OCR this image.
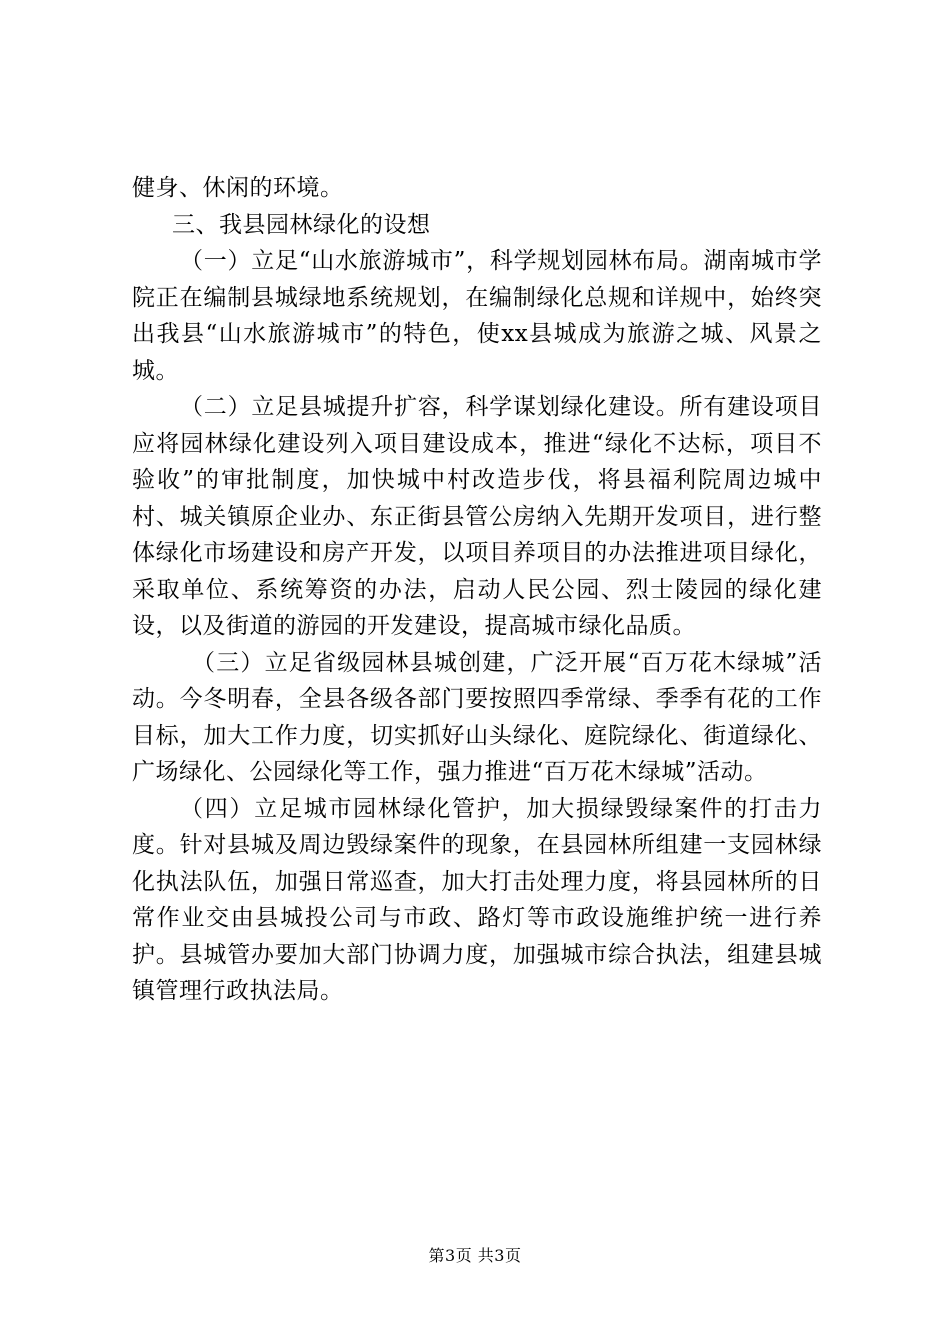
健身、休闲的环境。

三、我县园林绿化的设想

（一）立足“山水旅游城市”，科学规划园林布局。湖南城市学院正在编制县城绿地系统规划，在编制绿化总规和详规中，始终突出我县“山水旅游城市”的特色，使xx县城成为旅游之城、风景之城。

（二）立足县城提升扩容，科学谋划绿化建设。所有建设项目应将园林绿化建设列入项目建设成本，推进“绿化不达标，项目不验收”的审批制度，加快城中村改造步伐，将县福利院周边城中村、城关镇原企业办、东正街县管公房纳入先期开发项目，进行整体绿化市场建设和房产开发，以项目养项目的办法推进项目绿化，采取单位、系统筹资的办法，启动人民公园、烈士陵园的绿化建设，以及街道的游园的开发建设，提高城市绿化品质。

（三）立足省级园林县城创建，广泛开展“百万花木绿城”活动。今冬明春，全县各级各部门要按照四季常绿、季季有花的工作目标，加大工作力度，切实抓好山头绿化、庭院绿化、街道绿化、广场绿化、公园绿化等工作，强力推进“百万花木绿城”活动。

（四）立足城市园林绿化管护，加大损绿毁绿案件的打击力度。针对县城及周边毁绿案件的现象，在县园林所组建一支园林绿化执法队伍，加强日常巡查，加大打击处理力度，将县园林所的日常作业交由县城投公司与市政、路灯等市政设施维护统一进行养护。县城管办要加大部门协调力度，加强城市综合执法，组建县城镇管理行政执法局。

第3页 共3页
